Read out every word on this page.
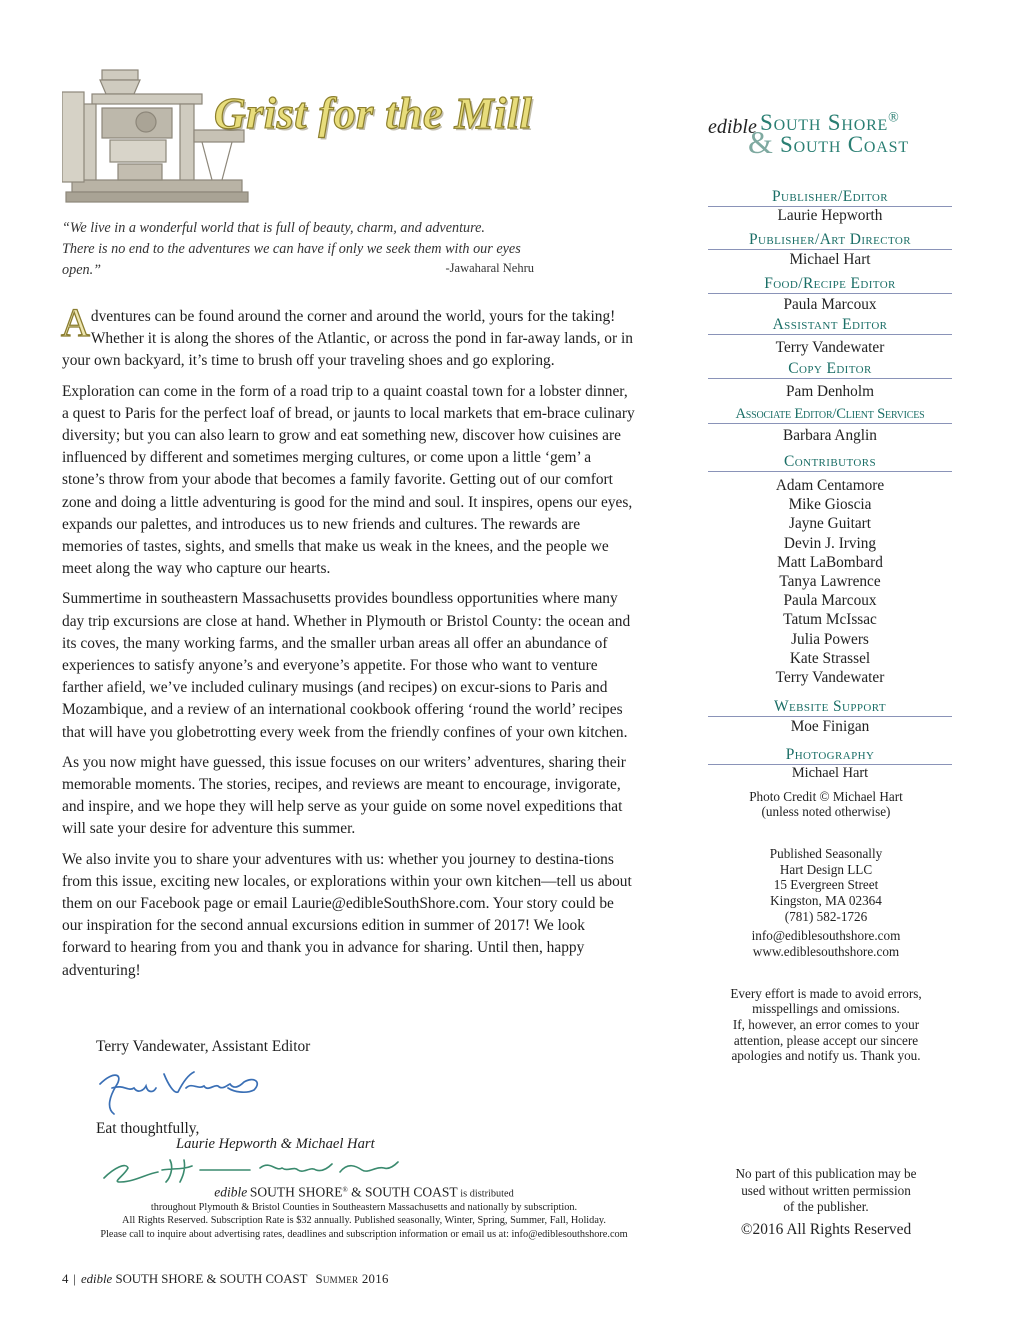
Grist for the Mill
“We live in a wonderful world that is full of beauty, charm, and adventure.
There is no end to the adventures we can have if only we seek them with our eyes open.”	-Jawaharal Nehru

Adventures can be found around the corner and around the world, yours for the taking! Whether it is along the shores of the Atlantic, or across the pond in far-away lands, or in your own backyard, it’s time to brush off your traveling shoes and go exploring.

Exploration can come in the form of a road trip to a quaint coastal town for a lobster dinner, a quest to Paris for the perfect loaf of bread, or jaunts to local markets that em-brace culinary diversity; but you can also learn to grow and eat something new, discover how cuisines are influenced by different and sometimes merging cultures, or come upon a little ‘gem’ a stone’s throw from your abode that becomes a family favorite. Getting out of our comfort zone and doing a little adventuring is good for the mind and soul. It inspires, opens our eyes, expands our palettes, and introduces us to new friends and cultures. The rewards are memories of tastes, sights, and smells that make us weak in the knees, and the people we meet along the way who capture our hearts.

Summertime in southeastern Massachusetts provides boundless opportunities where many day trip excursions are close at hand. Whether in Plymouth or Bristol County: the ocean and its coves, the many working farms, and the smaller urban areas all offer an abundance of experiences to satisfy anyone’s and everyone’s appetite. For those who want to venture farther afield, we’ve included culinary musings (and recipes) on excur-sions to Paris and Mozambique, and a review of an international cookbook offering ‘round the world’ recipes that will have you globetrotting every week from the friendly confines of your own kitchen.

As you now might have guessed, this issue focuses on our writers’ adventures, sharing their memorable moments. The stories, recipes, and reviews are meant to encourage, invigorate, and inspire, and we hope they will help serve as your guide on some novel expeditions that will sate your desire for adventure this summer.

We also invite you to share your adventures with us: whether you journey to destina-tions from this issue, exciting new locales, or explorations within your own kitchen—tell us about them on our Facebook page or email Laurie@edibleSouthShore.com. Your story could be our inspiration for the second annual excursions edition in summer of 2017! We look forward to hearing from you and thank you in advance for sharing. Until then, happy adventuring!

Terry Vandewater, Assistant Editor
Eat thoughtfully,
Laurie Hepworth & Michael Hart
edible SOUTH SHORE® & SOUTH COAST is distributed
throughout Plymouth & Bristol Counties in Southeastern Massachusetts and nationally by subscription.
All Rights Reserved. Subscription Rate is $32 annually. Published seasonally, Winter, Spring, Summer, Fall, Holiday.
Please call to inquire about advertising rates, deadlines and subscription information or email us at: info@ediblesouthshore.com
4 | edible SOUTH SHORE & SOUTH COAST Summer 2016
edible
&
South Shore®
South Coast
Publisher/Editor
Laurie Hepworth
Publisher/Art Director
Michael Hart
Food/Recipe Editor
Paula Marcoux
Assistant Editor
Terry Vandewater
Copy Editor
Pam Denholm
Associate Editor/Client Services
Barbara Anglin
Contributors
Adam Centamore
Mike Gioscia
Jayne Guitart
Devin J. Irving
Matt LaBombard
Tanya Lawrence
Paula Marcoux
Tatum McIssac
Julia Powers
Kate Strassel
Terry Vandewater
Website Support
Moe Finigan
Photography
Michael Hart
Photo Credit © Michael Hart
(unless noted otherwise)
Published Seasonally
Hart Design LLC
15 Evergreen Street
Kingston, MA 02364
(781) 582-1726
info@ediblesouthshore.com
www.ediblesouthshore.com
Every effort is made to avoid errors,
misspellings and omissions.
If, however, an error comes to your
attention, please accept our sincere
apologies and notify us. Thank you.
No part of this publication may be
used without written permission
of the publisher.
©2016 All Rights Reserved
